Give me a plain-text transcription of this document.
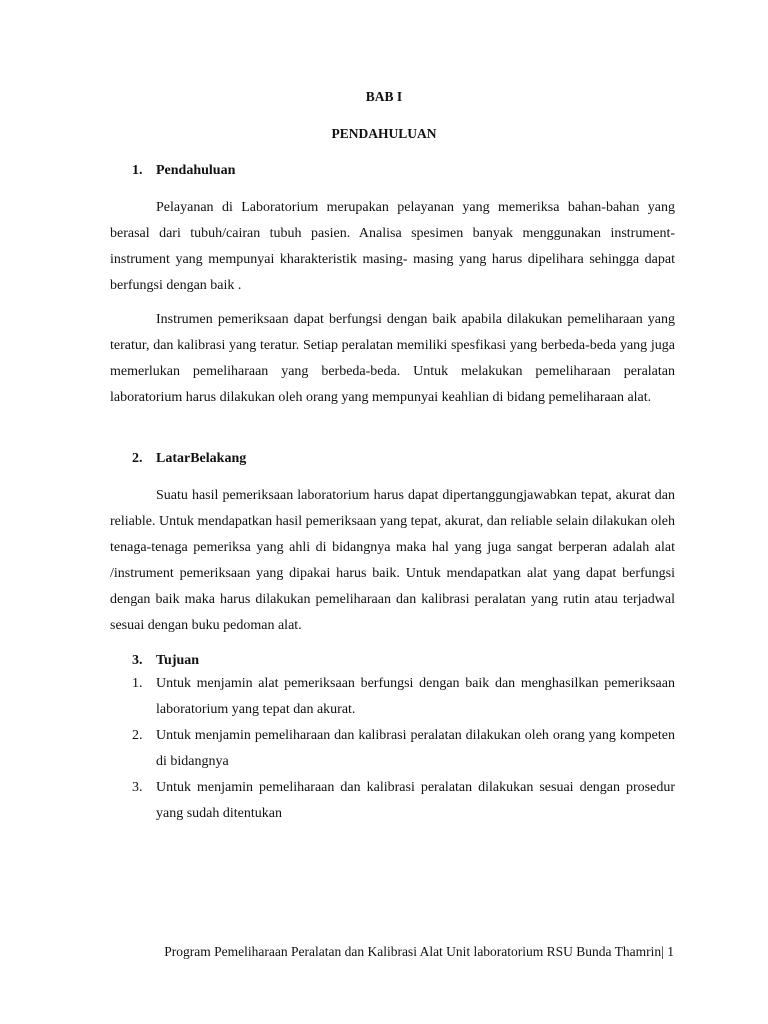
BAB I
PENDAHULUAN
1. Pendahuluan

Pelayanan di Laboratorium merupakan pelayanan yang memeriksa bahan-bahan yang berasal dari tubuh/cairan tubuh pasien. Analisa spesimen banyak menggunakan instrument-instrument yang mempunyai kharakteristik masing- masing yang harus dipelihara sehingga dapat berfungsi dengan baik .

Instrumen pemeriksaan dapat berfungsi dengan baik apabila dilakukan pemeliharaan yang teratur, dan kalibrasi yang teratur. Setiap peralatan memiliki spesfikasi yang berbeda-beda yang juga memerlukan pemeliharaan yang berbeda-beda. Untuk melakukan pemeliharaan peralatan laboratorium harus dilakukan oleh orang yang mempunyai keahlian di bidang pemeliharaan alat.

2. LatarBelakang

Suatu hasil pemeriksaan laboratorium harus dapat dipertanggungjawabkan tepat, akurat dan reliable. Untuk mendapatkan hasil pemeriksaan yang tepat, akurat, dan reliable selain dilakukan oleh tenaga-tenaga pemeriksa yang ahli di bidangnya maka hal yang juga sangat berperan adalah alat /instrument pemeriksaan yang dipakai harus baik. Untuk mendapatkan alat yang dapat berfungsi dengan baik maka harus dilakukan pemeliharaan dan kalibrasi peralatan yang rutin atau terjadwal sesuai dengan buku pedoman alat.

3. Tujuan
1. Untuk menjamin alat pemeriksaan berfungsi dengan baik dan menghasilkan pemeriksaan laboratorium yang tepat dan akurat.
2. Untuk menjamin pemeliharaan dan kalibrasi peralatan dilakukan oleh orang yang kompeten di bidangnya
3. Untuk menjamin pemeliharaan dan kalibrasi peralatan dilakukan sesuai dengan prosedur yang sudah ditentukan
Program Pemeliharaan Peralatan dan Kalibrasi Alat Unit laboratorium RSU Bunda Thamrin| 1
